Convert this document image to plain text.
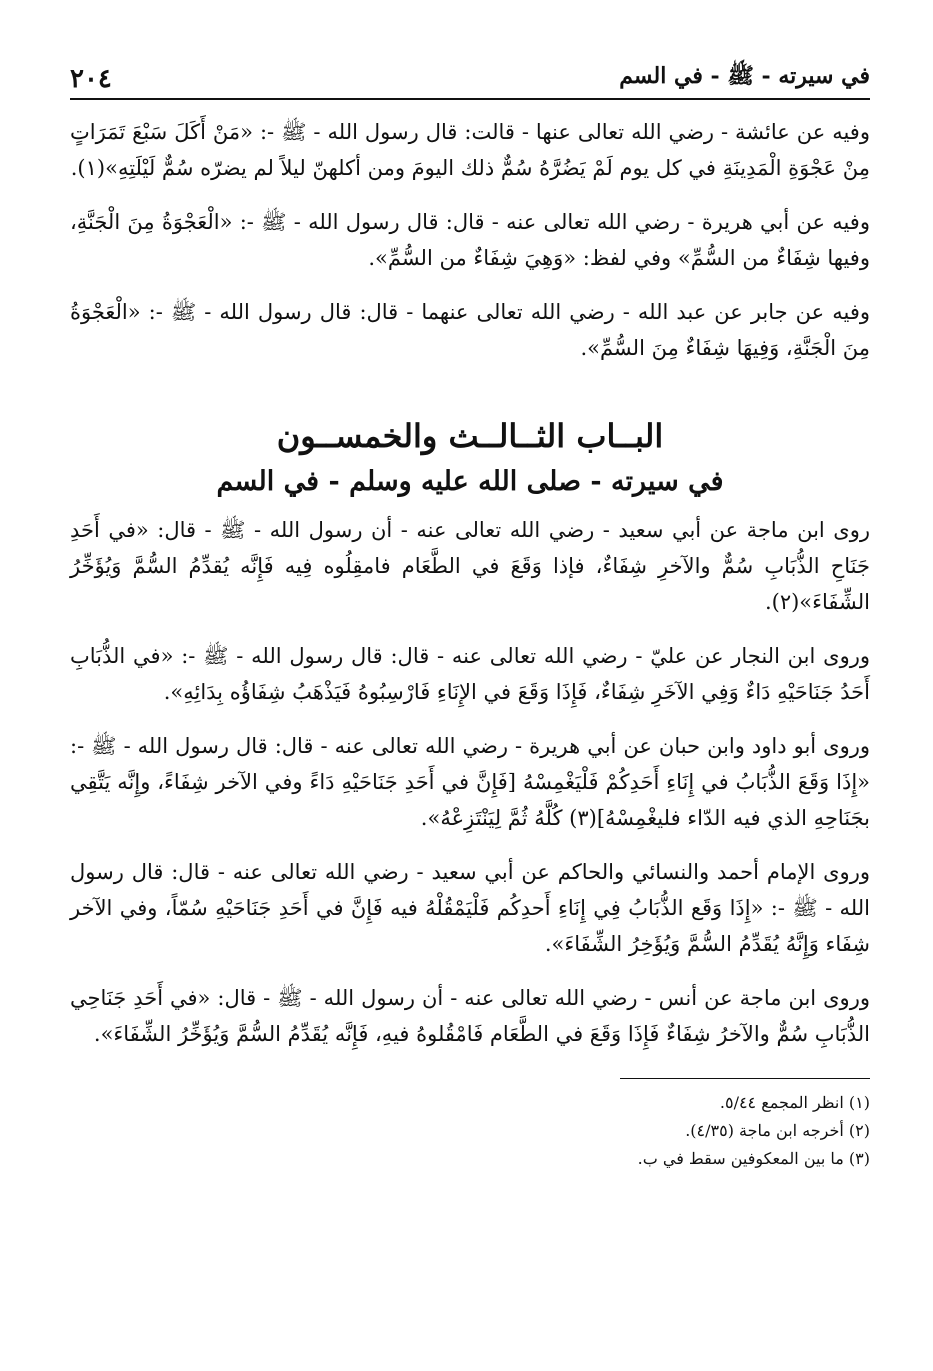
في سيرته - ﷺ - في السم
٢٠٤

وفيه عن عائشة - رضي الله تعالى عنها - قالت: قال رسول الله - ﷺ -: «مَنْ أَكَلَ سَبْعَ تَمَرَاتٍ مِنْ عَجْوَةِ الْمَدِينَةِ في كل يوم لَمْ يَضُرَّهُ سُمٌّ ذلك اليومَ ومن أكلهنّ ليلاً لم يضرّه سُمٌّ لَيْلَتِهِ»(١).

وفيه عن أبي هريرة - رضي الله تعالى عنه - قال: قال رسول الله - ﷺ -: «الْعَجْوَةُ مِنَ الْجَنَّةِ، وفيها شِفَاءٌ من السُّمِّ» وفي لفظ: «وَهِيَ شِفَاءٌ من السُّمِّ».

وفيه عن جابر عن عبد الله - رضي الله تعالى عنهما - قال: قال رسول الله - ﷺ -: «الْعَجْوَةُ مِنَ الْجَنَّةِ، وَفِيهَا شِفَاءٌ مِنَ السُّمِّ».

البــاب الثــالــث والخمســون
في سيرته - صلى الله عليه وسلم - في السم

روى ابن ماجة عن أبي سعيد - رضي الله تعالى عنه - أن رسول الله - ﷺ - قال: «في أَحَدِ جَنَاحِ الذُّبَابِ سُمٌّ والآخرِ شِفَاءٌ، فإذا وَقَعَ في الطَّعَام فامقِلُوه فِيه فَإِنَّه يُقدِّمُ السُّمَّ وَيُؤَخِّرُ الشِّفَاءَ»(٢).

وروى ابن النجار عن عليّ - رضي الله تعالى عنه - قال: قال رسول الله - ﷺ -: «في الذُّبَابِ أَحَدُ جَنَاحَيْهِ دَاءٌ وَفِي الآخَرِ شِفَاءٌ، فَإِذَا وَقَعَ في الإِنَاءِ فَارْسِبُوهُ فَيَذْهَبُ شِفَاؤُه بِدَائِهِ».

وروى أبو داود وابن حبان عن أبي هريرة - رضي الله تعالى عنه - قال: قال رسول الله - ﷺ -: «إِذَا وَقَعَ الذُّبَابُ في إِنَاءِ أَحَدِكُمْ فَلْيَغْمِسْهُ [فَإِنَّ في أَحَدِ جَنَاحَيْهِ دَاءً وفي الآخر شِفَاءً، وإِنَّه يَتَّقِي بجَنَاحِهِ الذي فيه الدّاء فليغْمِسْهُ]‏(٣) كُلَّهُ ثُمَّ لِيَنْتَزِعْهُ».

وروى الإمام أحمد والنسائي والحاكم عن أبي سعيد - رضي الله تعالى عنه - قال: قال رسول الله - ﷺ -: «إِذَا وَقَع الذُّبَابُ فِي إِنَاءِ أَحدِكُم فَلْيَمْقُلْهُ فيه فَإِنَّ في أَحَدِ جَنَاحَيْهِ سُمّاً، وفي الآخر شِفَاء وَإِنَّهُ يُقَدِّمُ السُّمَّ وَيُؤَخِرُ الشِّفَاءَ».

وروى ابن ماجة عن أنس - رضي الله تعالى عنه - أن رسول الله - ﷺ - قال: «في أَحَدِ جَنَاحِي الذُّبَابِ سُمٌّ والآخرُ شِفَاءٌ فَإِذَا وَقَعَ في الطَّعَام فَامْقُلوهُ فيهِ، فَإِنَّه يُقَدِّمُ السُّمَّ وَيُؤَخِّرُ الشِّفَاءَ».

(١) انظر المجمع ٥/٤٤.
(٢) أخرجه ابن ماجة (٤/٣٥).
(٣) ما بين المعكوفين سقط في ب.
